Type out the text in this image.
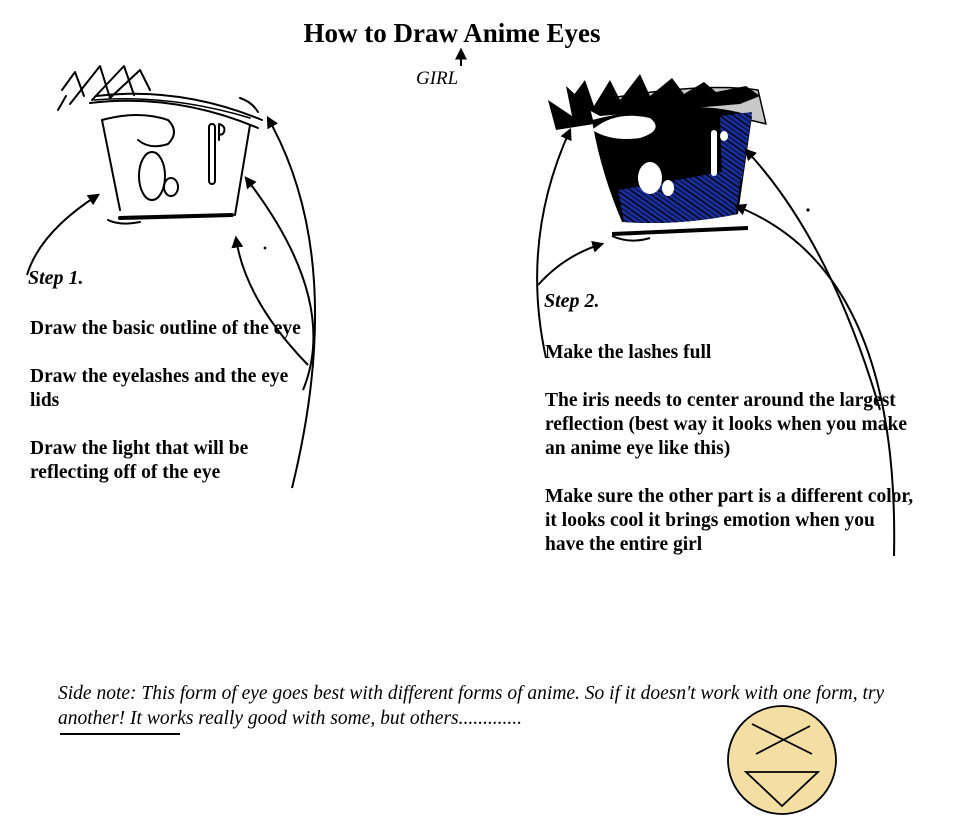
How to Draw Anime Eyes
GIRL
Step 1.

Draw the basic outline of the eye

Draw the eyelashes and the eye lids

Draw the light that will be reflecting off of the eye

Step 2.

Make the lashes full

The iris needs to center around the largest reflection (best way it looks when you make an anime eye like this)

Make sure the other part is a different color, it looks cool it brings emotion when you have the entire girl

Side note: This form of eye goes best with different forms of anime. So if it doesn't work with one form, try another! It works really good with some, but others.............
